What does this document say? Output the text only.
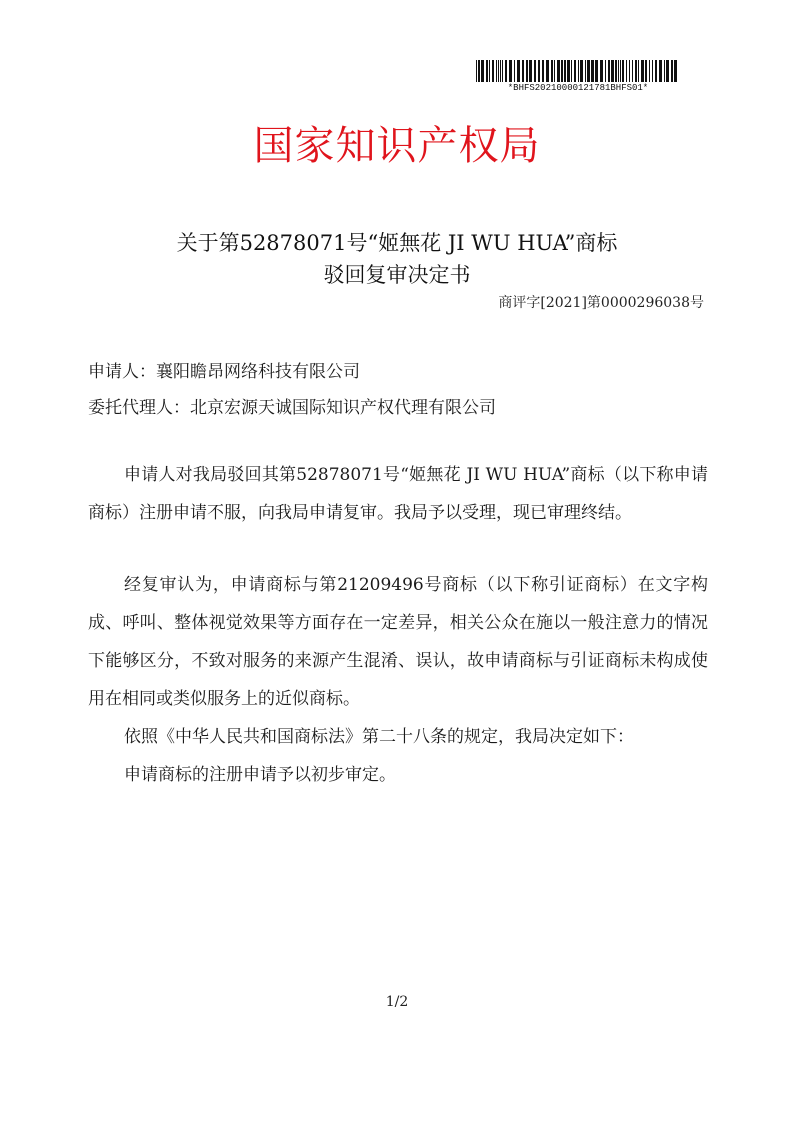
*BHFS20210000121781BHFS01*
国家知识产权局
关于第52878071号“姬無花 JI WU HUA”商标
驳回复审决定书
商评字[2021]第0000296038号
申请人：襄阳瞻昂网络科技有限公司
委托代理人：北京宏源天诚国际知识产权代理有限公司
申请人对我局驳回其第52878071号“姬無花 JI WU HUA”商标（以下称申请商标）注册申请不服，向我局申请复审。我局予以受理，现已审理终结。
经复审认为，申请商标与第21209496号商标（以下称引证商标）在文字构成、呼叫、整体视觉效果等方面存在一定差异，相关公众在施以一般注意力的情况下能够区分，不致对服务的来源产生混淆、误认，故申请商标与引证商标未构成使用在相同或类似服务上的近似商标。
依照《中华人民共和国商标法》第二十八条的规定，我局决定如下：
申请商标的注册申请予以初步审定。
1/2
